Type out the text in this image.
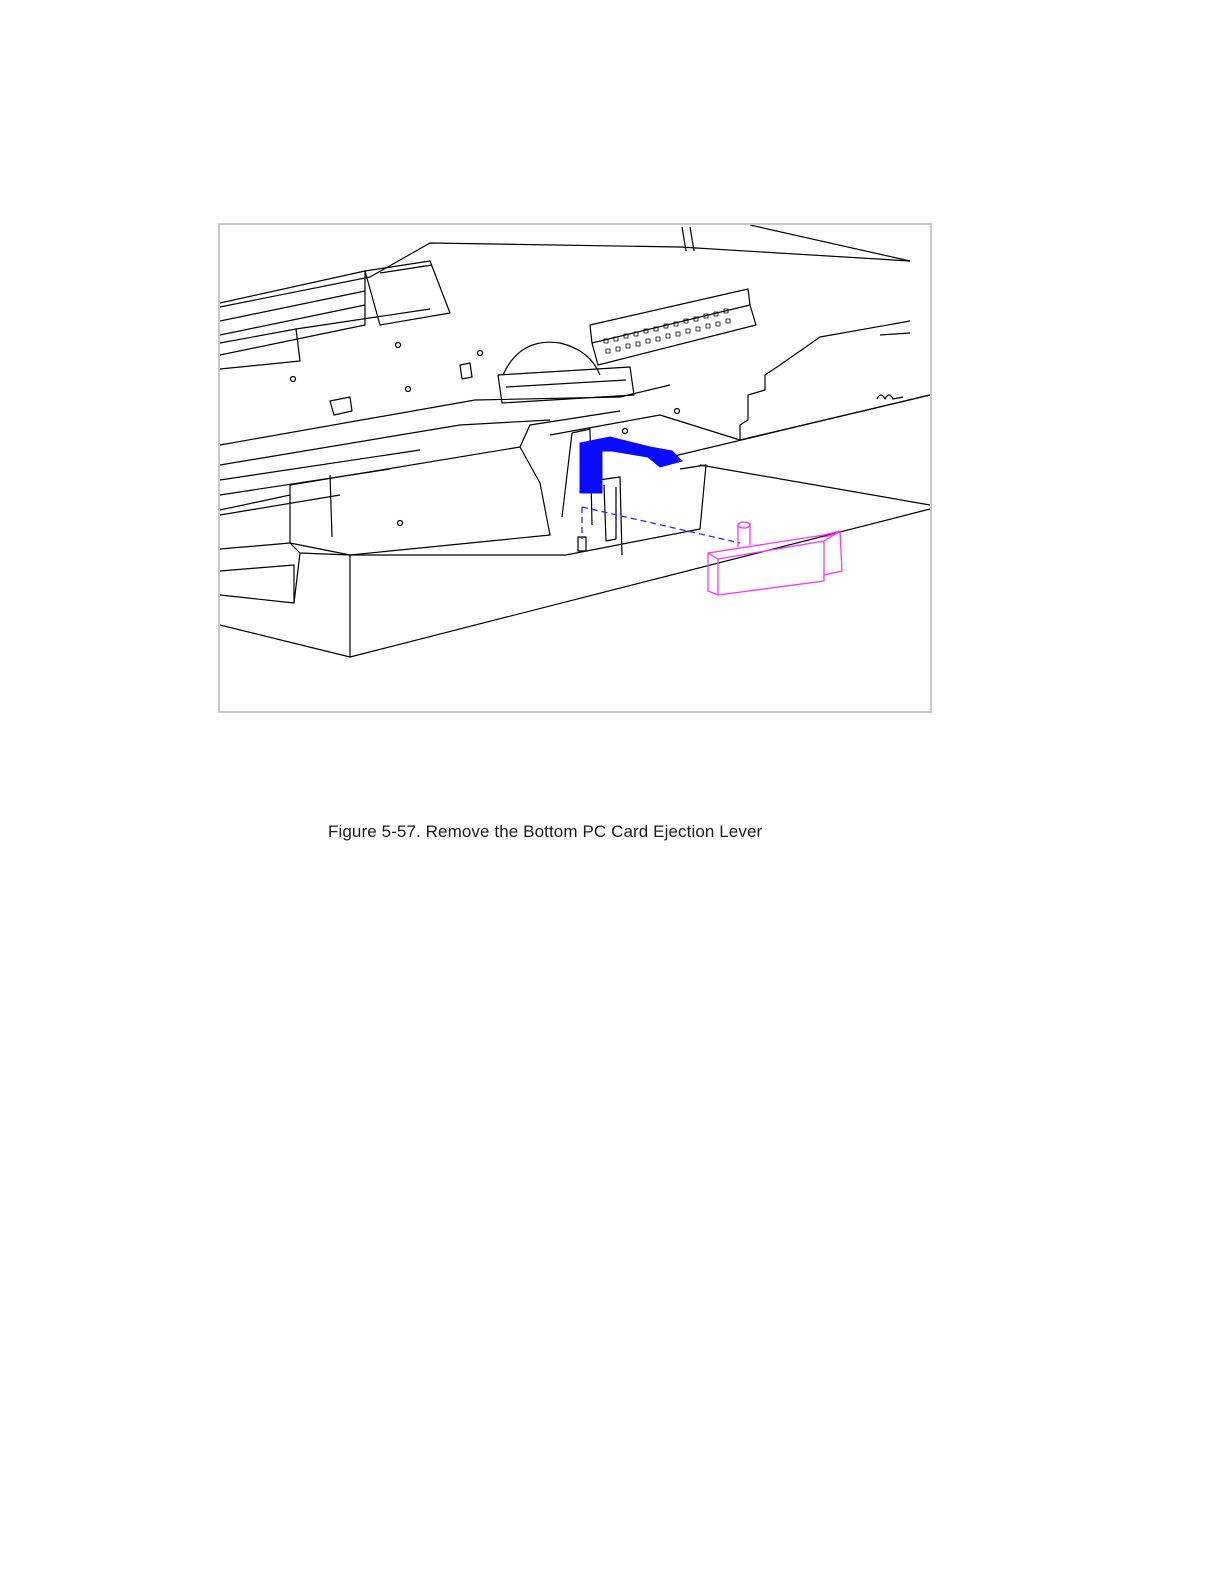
Figure 5-57. Remove the Bottom PC Card Ejection Lever
